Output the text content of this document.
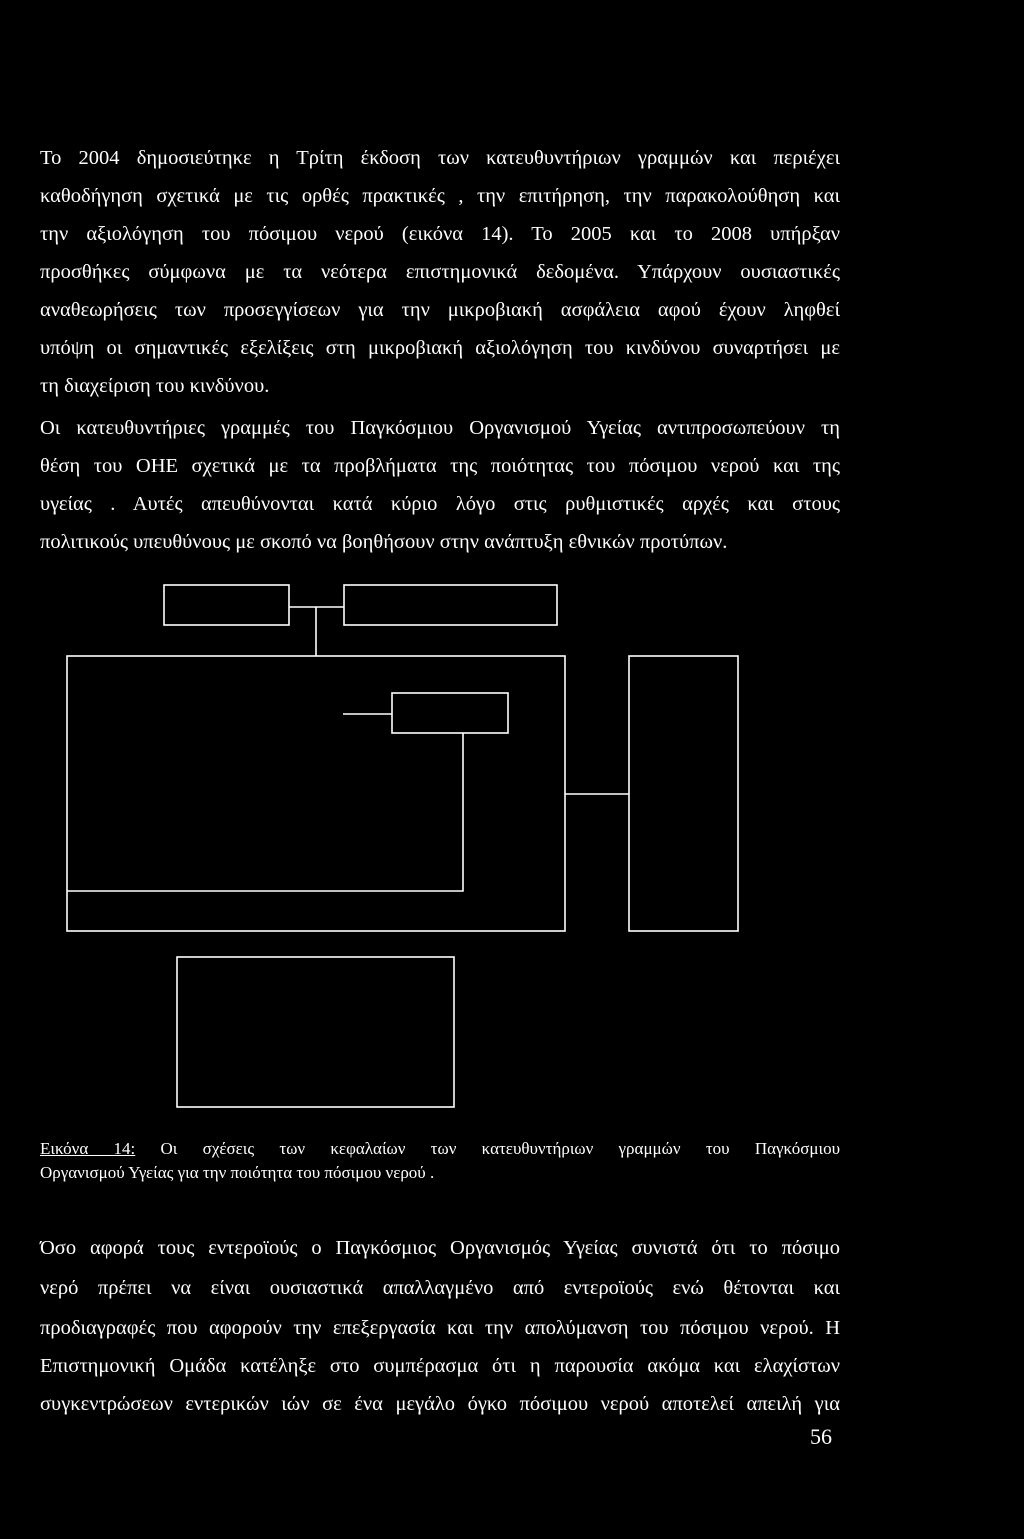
Το 2004 δημοσιεύτηκε η Τρίτη έκδοση των κατευθυντήριων γραμμών και περιέχει

καθοδήγηση σχετικά με τις ορθές πρακτικές , την επιτήρηση, την παρακολούθηση και

την αξιολόγηση του πόσιμου νερού (εικόνα 14). Το 2005 και το 2008 υπήρξαν

προσθήκες σύμφωνα με τα νεότερα επιστημονικά δεδομένα. Υπάρχουν ουσιαστικές

αναθεωρήσεις των προσεγγίσεων για την μικροβιακή ασφάλεια αφού έχουν ληφθεί

υπόψη οι σημαντικές εξελίξεις στη μικροβιακή αξιολόγηση του κινδύνου συναρτήσει με

τη διαχείριση του κινδύνου.

Οι κατευθυντήριες γραμμές του Παγκόσμιου Οργανισμού Υγείας αντιπροσωπεύουν τη

θέση του ΟΗΕ σχετικά με τα προβλήματα της ποιότητας του πόσιμου νερού και της

υγείας . Αυτές απευθύνονται κατά κύριο λόγο στις ρυθμιστικές αρχές και στους

πολιτικούς υπευθύνους με σκοπό να βοηθήσουν στην ανάπτυξη εθνικών προτύπων.

Εικόνα 14: Οι σχέσεις των κεφαλαίων των κατευθυντήριων γραμμών του Παγκόσμιου

Οργανισμού Υγείας για την ποιότητα του πόσιμου νερού .

Όσο αφορά τους εντεροϊούς ο Παγκόσμιος Οργανισμός Υγείας συνιστά ότι το πόσιμο

νερό πρέπει να είναι ουσιαστικά απαλλαγμένο από εντεροϊούς ενώ θέτονται και

προδιαγραφές που αφορούν την επεξεργασία και την απολύμανση του πόσιμου νερού. Η

Επιστημονική Ομάδα κατέληξε στο συμπέρασμα ότι η παρουσία ακόμα και ελαχίστων

συγκεντρώσεων εντερικών ιών σε ένα μεγάλο όγκο πόσιμου νερού αποτελεί απειλή για

56
